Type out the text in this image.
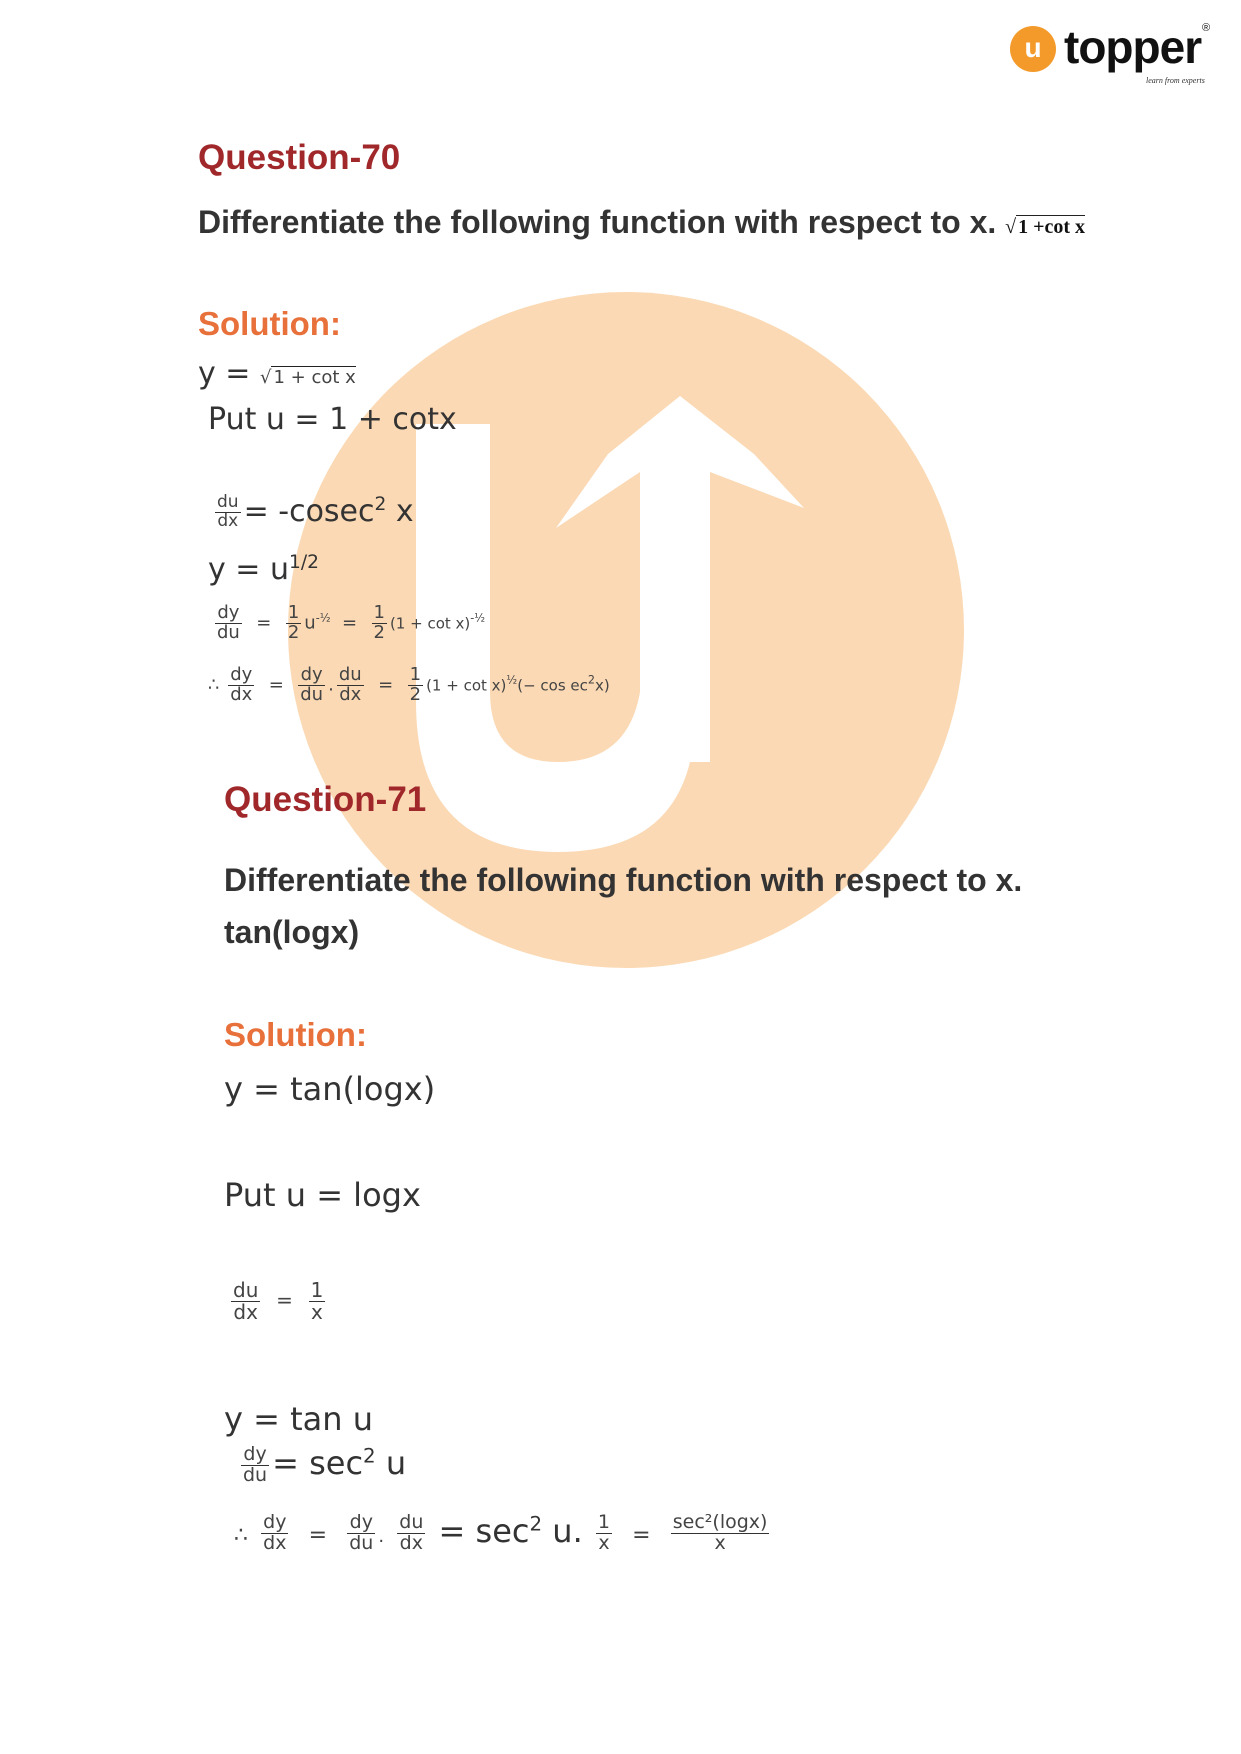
u topper ®
learn from experts
Question-70
Differentiate the following function with respect to x. √ 1 +cot x
Solution:
y = √ 1 + cot x
Put u = 1 + cotx
$\frac{du}{dx} = -cosec^2$ x
$y = u^{1/2}$
$\frac{dy}{du} = \frac{1}{2} u^{-\frac{1}{2}} = \frac{1}{2} (1 + \cot x)^{-\frac{1}{2}}$
∴ $\frac{dy}{dx} = \frac{dy}{du}$ . $\frac{du}{dx} = \frac{1}{2} (1 + \cot x)^{\frac{1}{2}}(- \cos ec^2x)$
Question-71
Differentiate the following function with respect to x.
tan(logx)
Solution:
y = tan(logx)
Put u = logx
$\frac{du}{dx} = \frac{1}{x}$
y = tan u
$\frac{dy}{du} = \sec^2 u$
∴ $\frac{dy}{dx} = \frac{dy}{du}$ . $\frac{du}{dx} = \sec^2 u$. $\frac{1}{x} = \frac{\text{sec²(logx)}}{x}$
